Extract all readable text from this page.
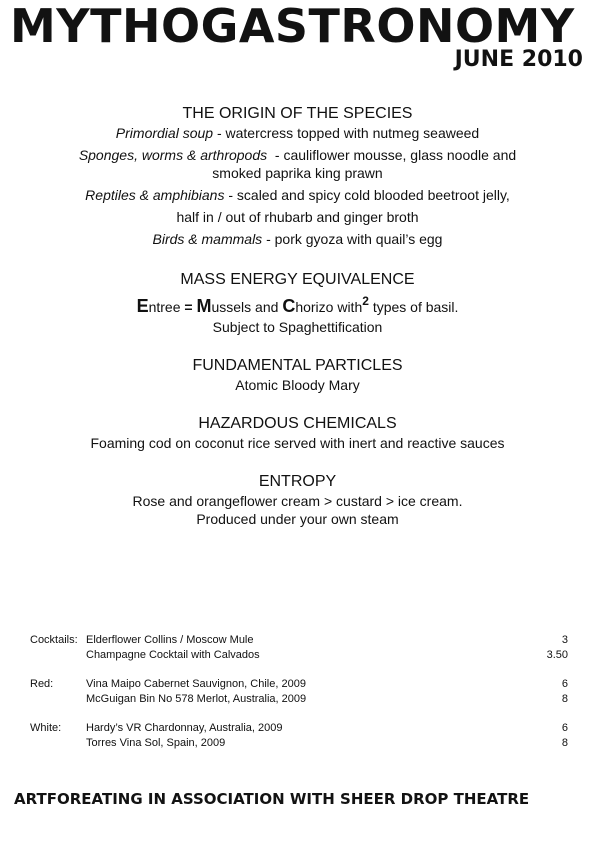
MYTHOGASTRONOMY
JUNE 2010
THE ORIGIN OF THE SPECIES

Primordial soup - watercress topped with nutmeg seaweed

Sponges, worms & arthropods  - cauliflower mousse, glass noodle and

smoked paprika king prawn

Reptiles & amphibians - scaled and spicy cold blooded beetroot jelly,

half in / out of rhubarb and ginger broth

Birds & mammals - pork gyoza with quail’s egg

MASS ENERGY EQUIVALENCE

Entree = Mussels and Chorizo with2 types of basil.

Subject to Spaghettification

FUNDAMENTAL PARTICLES

Atomic Bloody Mary

HAZARDOUS CHEMICALS

Foaming cod on coconut rice served with inert and reactive sauces

ENTROPY

Rose and orangeflower cream > custard > ice cream.

Produced under your own steam

Cocktails: Elderflower Collins / Moscow Mule	3
Champagne Cocktail with Calvados	3.50
Red:	Vina Maipo Cabernet Sauvignon, Chile, 2009	6
McGuigan Bin No 578 Merlot, Australia, 2009	8
White:	Hardy’s VR Chardonnay, Australia, 2009	6
Torres Vina Sol, Spain, 2009	8
ARTFOREATING IN ASSOCIATION WITH SHEER DROP THEATRE
